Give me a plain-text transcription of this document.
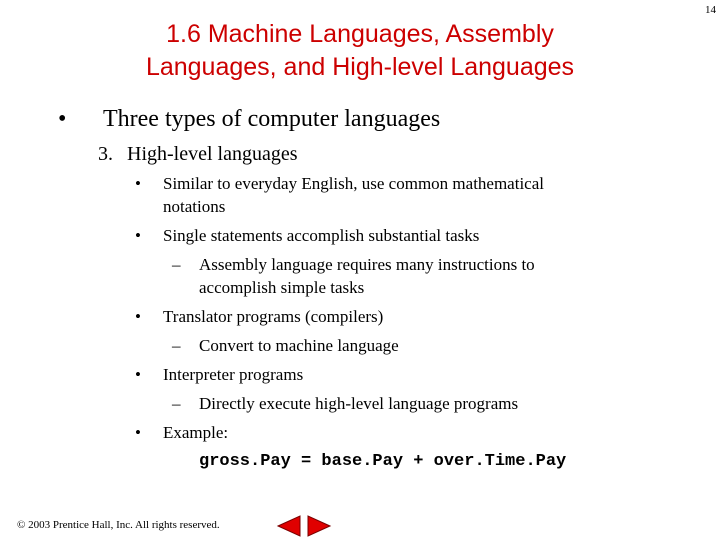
14
1.6 Machine Languages, Assembly
Languages, and High-level Languages
• Three types of computer languages
3. High-level languages
• Similar to everyday English, use common mathematical
notations
• Single statements accomplish substantial tasks
– Assembly language requires many instructions to
accomplish simple tasks
• Translator programs (compilers)
– Convert to machine language
• Interpreter programs
– Directly execute high-level language programs
• Example:
gross.Pay = base.Pay + over.Time.Pay
© 2003 Prentice Hall, Inc. All rights reserved.
